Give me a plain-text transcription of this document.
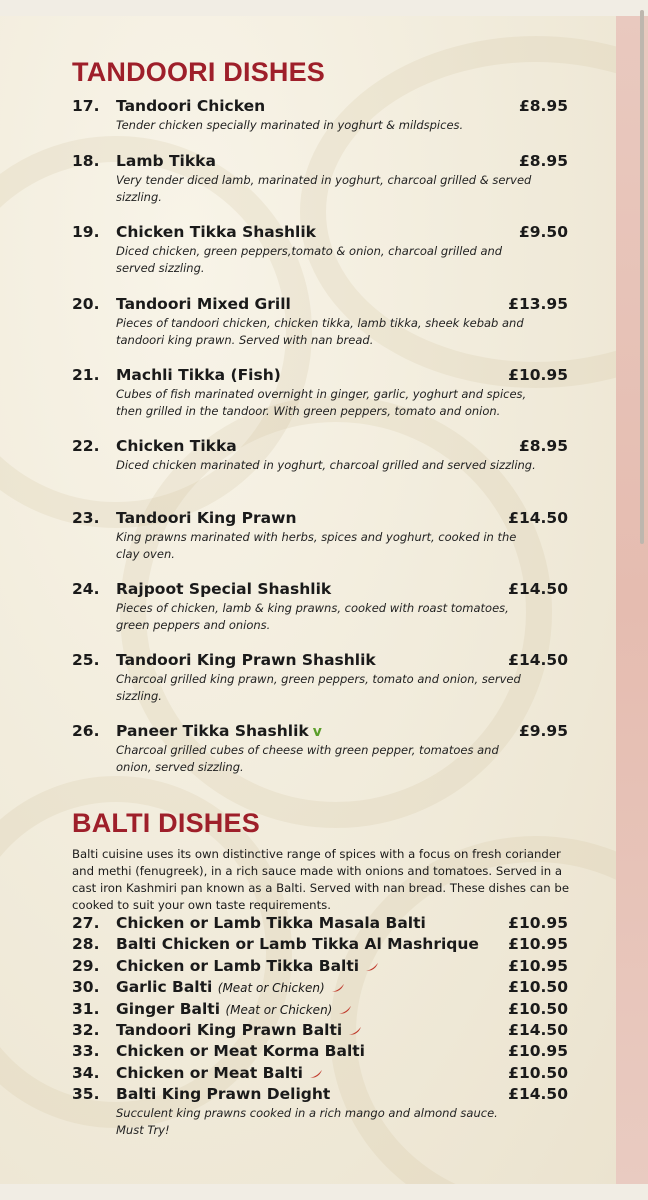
TANDOORI DISHES
17. Tandoori Chicken	£8.95
Tender chicken specially marinated in yoghurt & mildspices.
18. Lamb Tikka	£8.95
Very tender diced lamb, marinated in yoghurt, charcoal grilled & served sizzling.
19. Chicken Tikka Shashlik	£9.50
Diced chicken, green peppers,tomato & onion, charcoal grilled and served sizzling.
20. Tandoori Mixed Grill	£13.95
Pieces of tandoori chicken, chicken tikka, lamb tikka, sheek kebab and tandoori king prawn. Served with nan bread.
21. Machli Tikka (Fish)	£10.95
Cubes of fish marinated overnight in ginger, garlic, yoghurt and spices, then grilled in the tandoor. With green peppers, tomato and onion.
22. Chicken Tikka	£8.95
Diced chicken marinated in yoghurt, charcoal grilled and served sizzling.
23. Tandoori King Prawn	£14.50
King prawns marinated with herbs, spices and yoghurt, cooked in the clay oven.
24. Rajpoot Special Shashlik	£14.50
Pieces of chicken, lamb & king prawns, cooked with roast tomatoes, green peppers and onions.
25. Tandoori King Prawn Shashlik	£14.50
Charcoal grilled king prawn, green peppers, tomato and onion, served sizzling.
26. Paneer Tikka Shashlik v	£9.95
Charcoal grilled cubes of cheese with green pepper, tomatoes and onion, served sizzling.
BALTI DISHES
Balti cuisine uses its own distinctive range of spices with a focus on fresh coriander and methi (fenugreek), in a rich sauce made with onions and tomatoes. Served in a cast iron Kashmiri pan known as a Balti. Served with nan bread. These dishes can be cooked to suit your own taste requirements.
27. Chicken or Lamb Tikka Masala Balti	£10.95
28. Balti Chicken or Lamb Tikka Al Mashrique £10.95
29. Chicken or Lamb Tikka Balti	£10.95
30. Garlic Balti (Meat or Chicken)	£10.50
31. Ginger Balti (Meat or Chicken)	£10.50
32. Tandoori King Prawn Balti	£14.50
33. Chicken or Meat Korma Balti	£10.95
34. Chicken or Meat Balti	£10.50
35. Balti King Prawn Delight	£14.50
Succulent king prawns cooked in a rich mango and almond sauce. Must Try!
